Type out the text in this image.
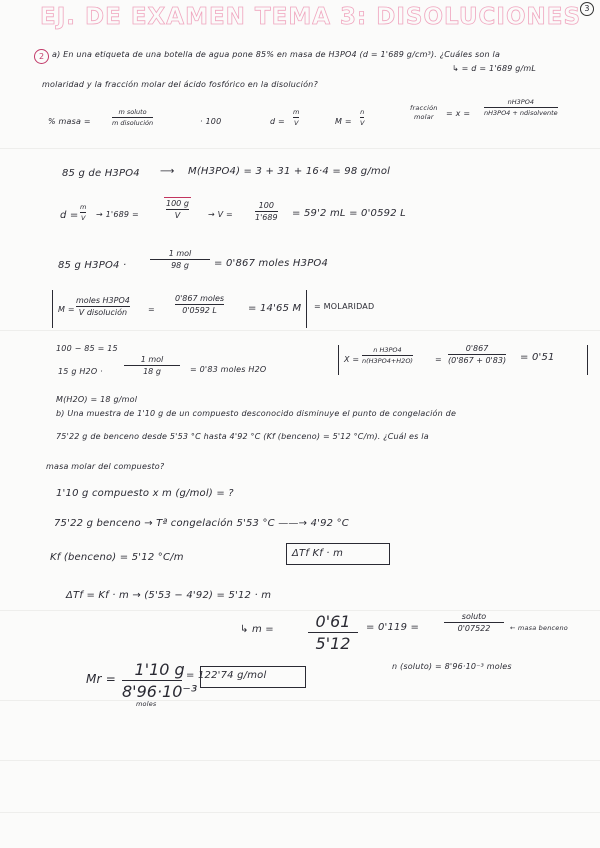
EJ. DE EXAMEN TEMA 3: DISOLUCIONES 3
2 a) En una etiqueta de una botella de agua pone 85% en masa de H3PO4 (d = 1'689 g/cm³). ¿Cuáles son la
↳ = d = 1'689 g/mL
molaridad y la fracción molar del ácido fosfórico en la disolución?
% masa =
m soluto
m disolución	· 100	d =
m
V	M =
n
V
fracción
molar = x =
nH3PO4
nH3PO4 + ndisolvente
85 g de H3PO4 ⟶ M(H3PO4) = 3 + 31 + 16·4 = 98 g/mol
d =
m
V → 1'689 =
100 g
V	→ V =
100
1'689 = 59'2 mL = 0'0592 L
85 g H3PO4 ·
1 mol
98 g	= 0'867 moles H3PO4
M =
moles H3PO4
V disolución	=
0'867 moles
0'0592 L	= 14'65 M = MOLARIDAD
100 − 85 = 15
15 g H2O ·
1 mol
18 g	= 0'83 moles H2O
X =
n H3PO4
n(H3PO4+H2O)	=
0'867
(0'867 + 0'83) = 0'51
M(H2O) = 18 g/mol
b) Una muestra de 1'10 g de un compuesto desconocido disminuye el punto de congelación de
75'22 g de benceno desde 5'53 °C hasta 4'92 °C (Kf (benceno) = 5'12 °C/m). ¿Cuál es la
masa molar del compuesto?
1'10 g compuesto x m (g/mol) = ?
75'22 g benceno → Tª congelación 5'53 °C ——→ 4'92 °C
Kf (benceno) = 5'12 °C/m	ΔTf Kf · m
ΔTf = Kf · m → (5'53 − 4'92) = 5'12 · m
↳ m =	0'61
5'12
= 0'119 =
soluto
0'07522	← masa benceno
Mr = 1'10 g
8'96·10⁻³
moles
= 122'74 g/mol
n (soluto) = 8'96·10⁻³ moles
